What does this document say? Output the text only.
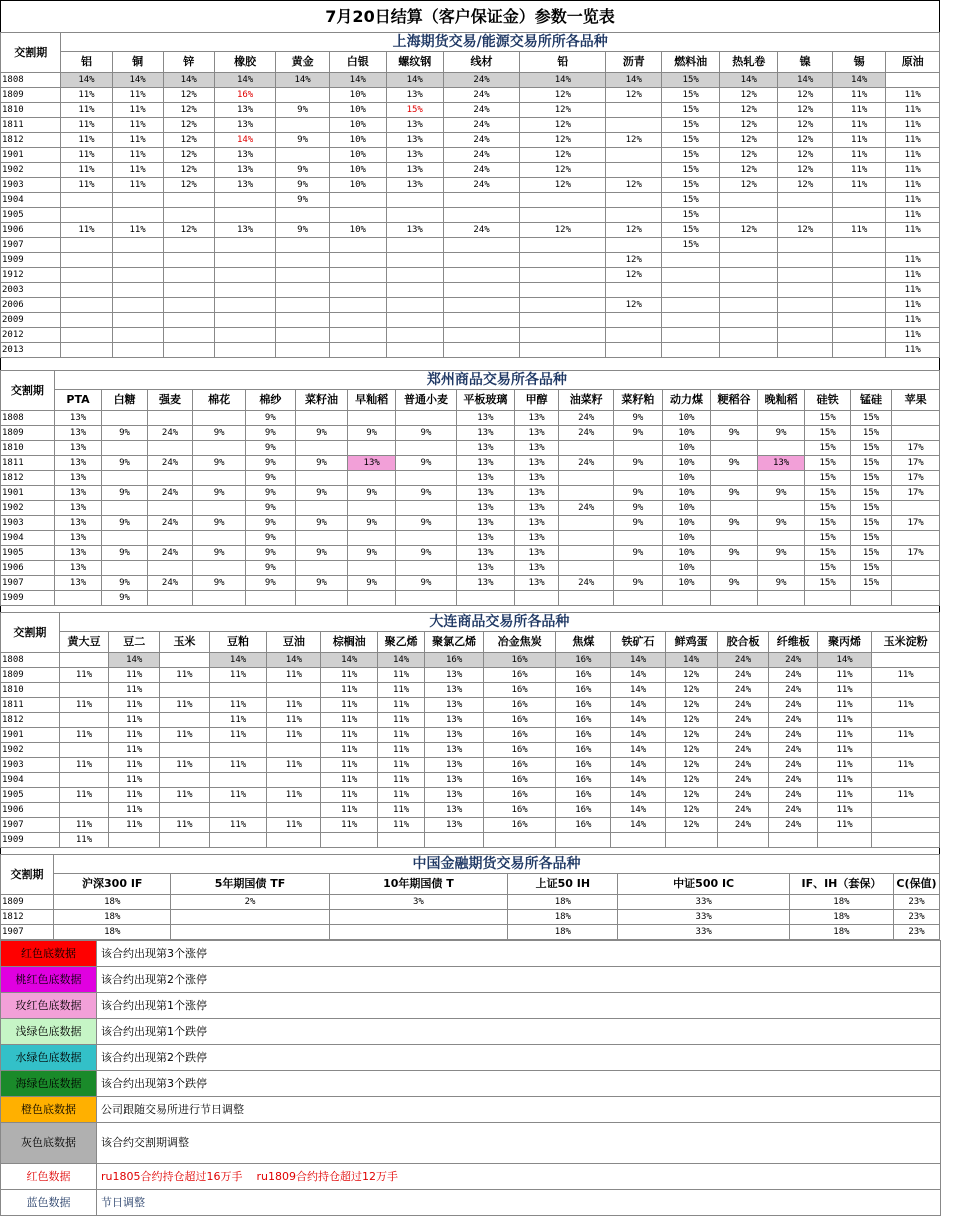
7月20日结算（客户保证金）参数一览表
交割期	上海期货交易/能源交易所所各品种														
	铝	铜	锌	橡胶	黄金	白银	螺纹钢	线材	铅	沥青	燃料油	热轧卷	镍	锡	原油
1808	14%	14%	14%	14%	14%	14%	14%	24%	14%	14%	15%	14%	14%	14%	
1809	11%	11%	12%	16%		10%	13%	24%	12%	12%	15%	12%	12%	11%	11%
1810	11%	11%	12%	13%	9%	10%	15%	24%	12%		15%	12%	12%	11%	11%
1811	11%	11%	12%	13%		10%	13%	24%	12%		15%	12%	12%	11%	11%
1812	11%	11%	12%	14%	9%	10%	13%	24%	12%	12%	15%	12%	12%	11%	11%
1901	11%	11%	12%	13%		10%	13%	24%	12%		15%	12%	12%	11%	11%
1902	11%	11%	12%	13%	9%	10%	13%	24%	12%		15%	12%	12%	11%	11%
1903	11%	11%	12%	13%	9%	10%	13%	24%	12%	12%	15%	12%	12%	11%	11%
1904					9%						15%				11%
1905											15%				11%
1906	11%	11%	12%	13%	9%	10%	13%	24%	12%	12%	15%	12%	12%	11%	11%
1907											15%				
1909										12%					11%
1912										12%					11%
2003															11%
2006										12%					11%
2009															11%
2012															11%
2013															11%
交割期	郑州商品交易所各品种																	
	PTA	白糖	强麦	棉花	棉纱	菜籽油	早籼稻	普通小麦	平板玻璃	甲醇	油菜籽	菜籽粕	动力煤	粳稻谷	晚籼稻	硅铁	锰硅	苹果
1808	13%				9%				13%	13%	24%	9%	10%			15%	15%	
1809	13%	9%	24%	9%	9%	9%	9%	9%	13%	13%	24%	9%	10%	9%	9%	15%	15%	
1810	13%				9%				13%	13%			10%			15%	15%	17%
1811	13%	9%	24%	9%	9%	9%	13%	9%	13%	13%	24%	9%	10%	9%	13%	15%	15%	17%
1812	13%				9%				13%	13%			10%			15%	15%	17%
1901	13%	9%	24%	9%	9%	9%	9%	9%	13%	13%		9%	10%	9%	9%	15%	15%	17%
1902	13%				9%				13%	13%	24%	9%	10%			15%	15%	
1903	13%	9%	24%	9%	9%	9%	9%	9%	13%	13%		9%	10%	9%	9%	15%	15%	17%
1904	13%				9%				13%	13%			10%			15%	15%	
1905	13%	9%	24%	9%	9%	9%	9%	9%	13%	13%		9%	10%	9%	9%	15%	15%	17%
1906	13%				9%				13%	13%			10%			15%	15%	
1907	13%	9%	24%	9%	9%	9%	9%	9%	13%	13%	24%	9%	10%	9%	9%	15%	15%	
1909		9%																
交割期	大连商品交易所各品种															
	黄大豆	豆二	玉米	豆粕	豆油	棕榈油	聚乙烯	聚氯乙烯	冶金焦炭	焦煤	铁矿石	鲜鸡蛋	胶合板	纤维板	聚丙烯	玉米淀粉
1808		14%		14%	14%	14%	14%	16%	16%	16%	14%	14%	24%	24%	14%	
1809	11%	11%	11%	11%	11%	11%	11%	13%	16%	16%	14%	12%	24%	24%	11%	11%
1810		11%				11%	11%	13%	16%	16%	14%	12%	24%	24%	11%	
1811	11%	11%	11%	11%	11%	11%	11%	13%	16%	16%	14%	12%	24%	24%	11%	11%
1812		11%		11%	11%	11%	11%	13%	16%	16%	14%	12%	24%	24%	11%	
1901	11%	11%	11%	11%	11%	11%	11%	13%	16%	16%	14%	12%	24%	24%	11%	11%
1902		11%				11%	11%	13%	16%	16%	14%	12%	24%	24%	11%	
1903	11%	11%	11%	11%	11%	11%	11%	13%	16%	16%	14%	12%	24%	24%	11%	11%
1904		11%				11%	11%	13%	16%	16%	14%	12%	24%	24%	11%	
1905	11%	11%	11%	11%	11%	11%	11%	13%	16%	16%	14%	12%	24%	24%	11%	11%
1906		11%				11%	11%	13%	16%	16%	14%	12%	24%	24%	11%	
1907	11%	11%	11%	11%	11%	11%	11%	13%	16%	16%	14%	12%	24%	24%	11%	
1909	11%															
交割期	中国金融期货交易所各品种						
	沪深300 IF	5年期国债 TF	10年期国债 T	上证50 IH	中证500 IC	IF、IH（套保）	C(保值)
1809	18%	2%	3%	18%	33%	18%	23%
1812	18%			18%	33%	18%	23%
1907	18%			18%	33%	18%	23%
红色底数据	该合约出现第3个涨停
桃红色底数据	该合约出现第2个涨停
玫红色底数据	该合约出现第1个涨停
浅绿色底数据	该合约出现第1个跌停
水绿色底数据	该合约出现第2个跌停
海绿色底数据	该合约出现第3个跌停
橙色底数据	公司跟随交易所进行节日调整
灰色底数据	该合约交割期调整
红色数据	ru1805合约持仓超过16万手    ru1809合约持仓超过12万手
蓝色数据	节日调整
